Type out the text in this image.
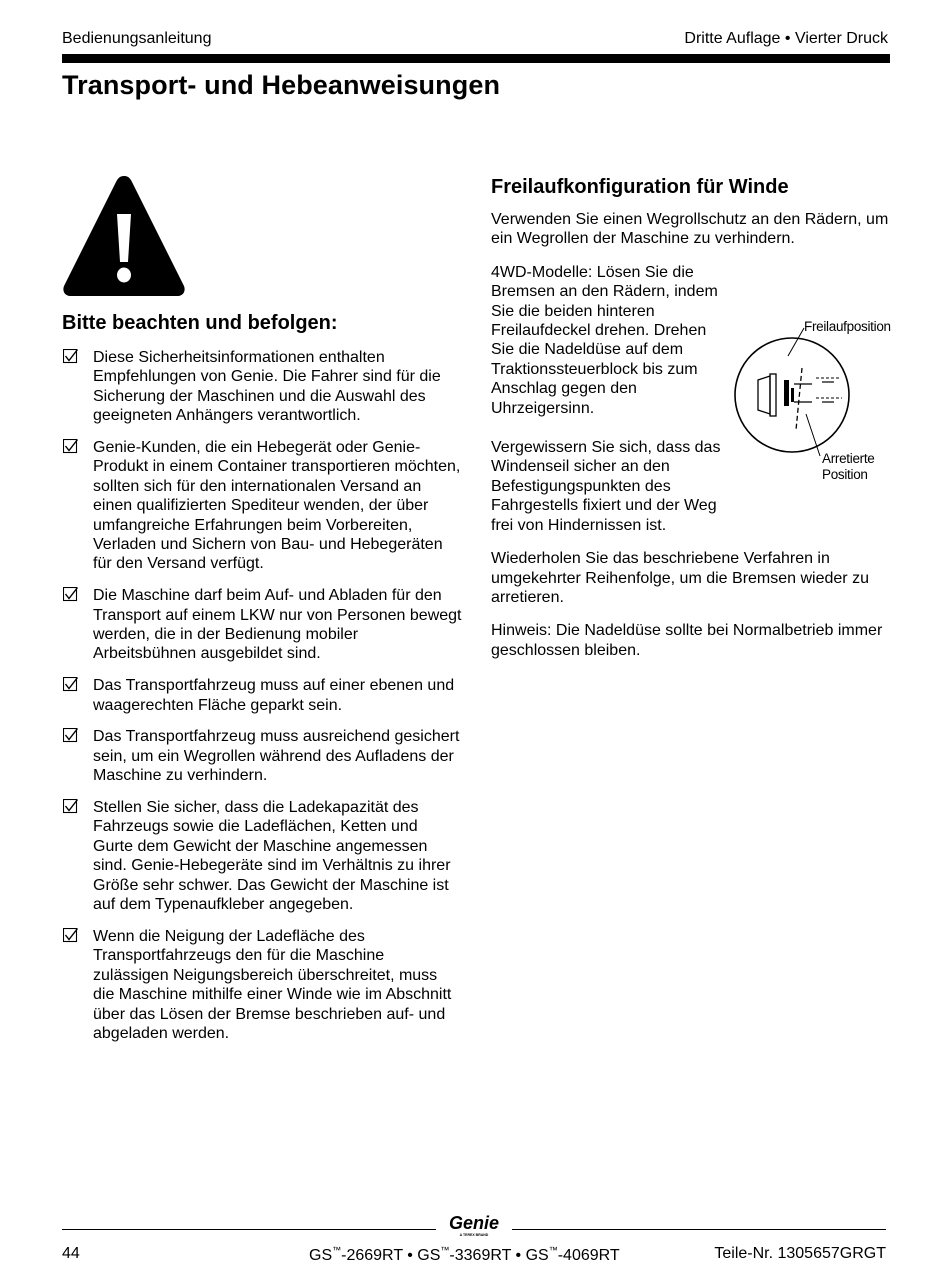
Bedienungsanleitung	Dritte Auflage • Vierter Druck
Transport- und Hebeanweisungen
Bitte beachten und befolgen:
Diese Sicherheitsinformationen enthalten Empfehlungen von Genie. Die Fahrer sind für die Sicherung der Maschinen und die Auswahl des geeigneten Anhängers verantwortlich.
Genie-Kunden, die ein Hebegerät oder Genie-Produkt in einem Container transportieren möchten, sollten sich für den internationalen Versand an einen qualifizierten Spediteur wenden, der über umfangreiche Erfahrungen beim Vorbereiten, Verladen und Sichern von Bau- und Hebegeräten für den Versand verfügt.
Die Maschine darf beim Auf- und Abladen für den Transport auf einem LKW nur von Personen bewegt werden, die in der Bedienung mobiler Arbeitsbühnen ausgebildet sind.
Das Transportfahrzeug muss auf einer ebenen und waagerechten Fläche geparkt sein.
Das Transportfahrzeug muss ausreichend gesichert sein, um ein Wegrollen während des Aufladens der Maschine zu verhindern.
Stellen Sie sicher, dass die Ladekapazität des Fahrzeugs sowie die Ladeflächen, Ketten und Gurte dem Gewicht der Maschine angemessen sind. Genie-Hebegeräte sind im Verhältnis zu ihrer Größe sehr schwer. Das Gewicht der Maschine ist auf dem Typenaufkleber angegeben.
Wenn die Neigung der Ladefläche des Transportfahrzeugs den für die Maschine zulässigen Neigungsbereich überschreitet, muss die Maschine mithilfe einer Winde wie im Abschnitt über das Lösen der Bremse beschrieben auf- und abgeladen werden.
Freilaufkonfiguration für Winde

Verwenden Sie einen Wegrollschutz an den Rädern, um ein Wegrollen der Maschine zu verhindern.

4WD-Modelle: Lösen Sie die Bremsen an den Rädern, indem Sie die beiden hinteren Freilaufdeckel drehen. Drehen Sie die Nadeldüse auf dem Traktionssteuerblock bis zum Anschlag gegen den Uhrzeigersinn.

Vergewissern Sie sich, dass das Windenseil sicher an den Befestigungspunkten des Fahrgestells fixiert und der Weg frei von Hindernissen ist.

Wiederholen Sie das beschriebene Verfahren in umgekehrter Reihenfolge, um die Bremsen wieder zu arretieren.

Hinweis: Die Nadeldüse sollte bei Normalbetrieb immer geschlossen bleiben.

Freilaufposition
Arretierte Position
Genie
A TEREX BRAND
44	GS™-2669RT • GS™-3369RT • GS™-4069RT	Teile-Nr. 1305657GRGT
